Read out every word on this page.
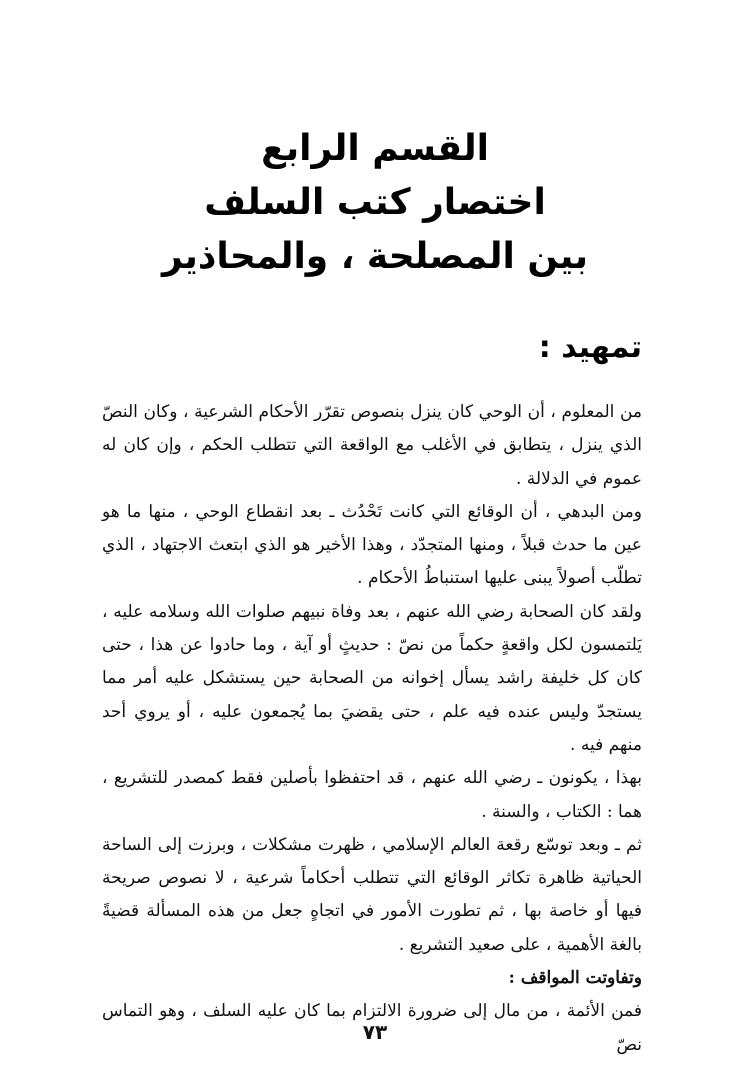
القسم الرابع

اختصار كتب السلف

بين المصلحة ، والمحاذير

تمهيد :

من المعلوم ، أن الوحي كان ينزل بنصوص تقرّر الأحكام الشرعية ، وكان النصّ الذي ينزل ، يتطابق في الأغلب مع الواقعة التي تتطلب الحكم ، وإن كان له عموم في الدلالة .

ومن البدهي ، أن الوقائع التي كانت تَحْدُث ـ بعد انقطاع الوحي ، منها ما هو عين ما حدث قبلاً ، ومنها المتجدّد ، وهذا الأخير هو الذي ابتعث الاجتهاد ، الذي تطلّب أصولاً يبنى عليها استنباطُ الأحكام .

ولقد كان الصحابة رضي الله عنهم ، بعد وفاة نبيهم صلوات الله وسلامه عليه ، يَلتمسون لكل واقعةٍ حكماً من نصّ : حديثٍ أو آية ، وما حادوا عن هذا ، حتى كان كل خليفة راشد يسأل إخوانه من الصحابة حين يستشكل عليه أمر مما يستجدّ وليس عنده فيه علم ، حتى يقضيَ بما يُجمعون عليه ، أو يروي أحد منهم فيه .

بهذا ، يكونون ـ رضي الله عنهم ، قد احتفظوا بأصلين فقط كمصدر للتشريع ، هما : الكتاب ، والسنة .

ثم ـ وبعد توسّع رقعة العالم الإسلامي ، ظهرت مشكلات ، وبرزت إلى الساحة الحياتية ظاهرة تكاثر الوقائع التي تتطلب أحكاماً شرعية ، لا نصوص صريحة فيها أو خاصة بها ، ثم تطورت الأمور في اتجاهٍ جعل من هذه المسألة قضيةً بالغة الأهمية ، على صعيد التشريع .

وتفاوتت المواقف :

فمن الأئمة ، من مال إلى ضرورة الالتزام بما كان عليه السلف ، وهو التماس نصّ

٧٣
